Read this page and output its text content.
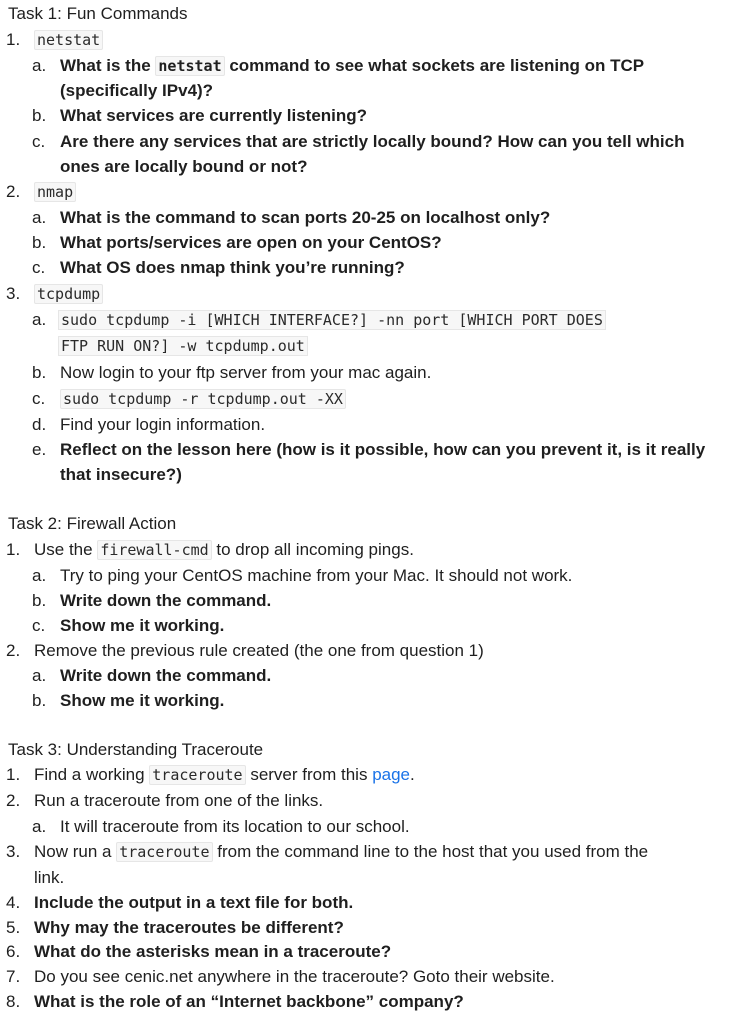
Task 1: Fun Commands
1. netstat
a. What is the netstat command to see what sockets are listening on TCP
(specifically IPv4)?
b. What services are currently listening?
c. Are there any services that are strictly locally bound? How can you tell which
ones are locally bound or not?
2. nmap
a. What is the command to scan ports 20-25 on localhost only?
b. What ports/services are open on your CentOS?
c. What OS does nmap think you’re running?
3. tcpdump
a. sudo tcpdump -i [WHICH INTERFACE?] -nn port [WHICH PORT DOES
FTP RUN ON?] -w tcpdump.out
b. Now login to your ftp server from your mac again.
c. sudo tcpdump -r tcpdump.out -XX
d. Find your login information.
e. Reflect on the lesson here (how is it possible, how can you prevent it, is it really
that insecure?)
Task 2: Firewall Action
1. Use the firewall-cmd to drop all incoming pings.
a. Try to ping your CentOS machine from your Mac. It should not work.
b. Write down the command.
c. Show me it working.
2. Remove the previous rule created (the one from question 1)
a. Write down the command.
b. Show me it working.
Task 3: Understanding Traceroute
1. Find a working traceroute server from this page.
2. Run a traceroute from one of the links.
a. It will traceroute from its location to our school.
3. Now run a traceroute from the command line to the host that you used from the
link.
4. Include the output in a text file for both.
5. Why may the traceroutes be different?
6. What do the asterisks mean in a traceroute?
7. Do you see cenic.net anywhere in the traceroute? Goto their website.
8. What is the role of an “Internet backbone” company?
